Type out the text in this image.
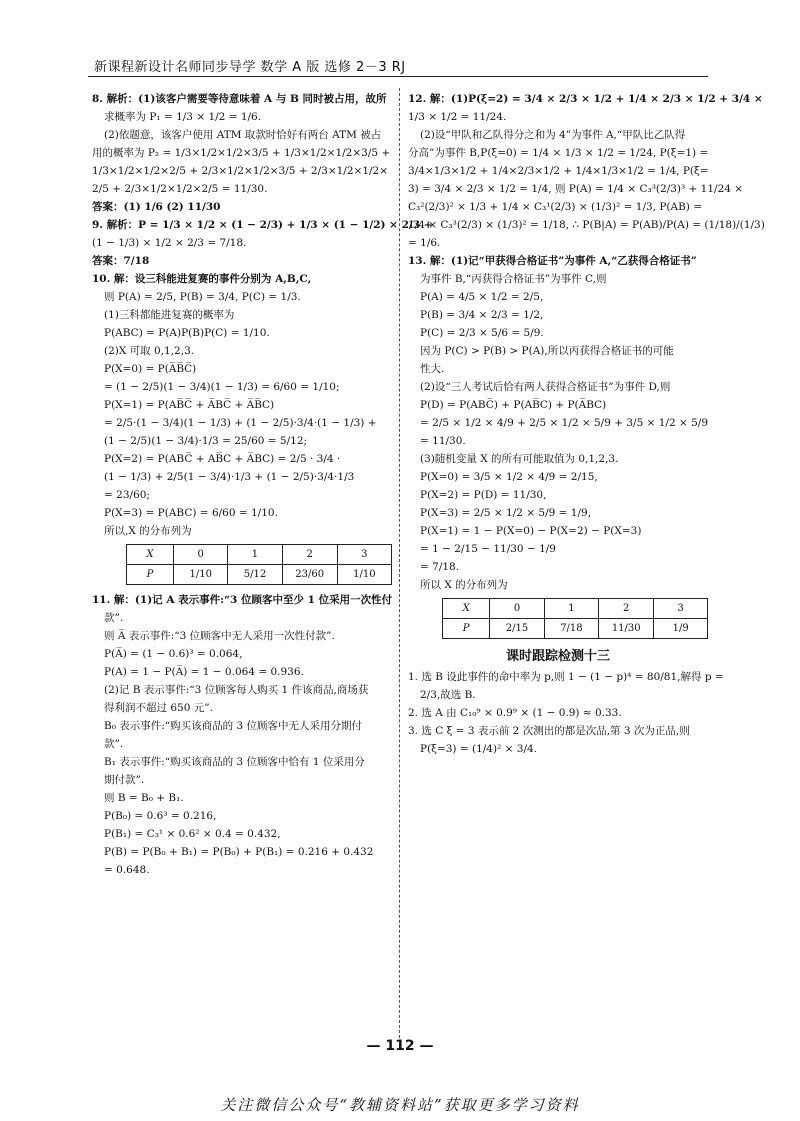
新课程新设计名师同步导学 数学 A 版 选修 2－3 RJ
8. 解析：(1)该客户需要等待意味着 A 与 B 同时被占用，故所
求概率为 P₁ = 1/3 × 1/2 = 1/6.
(2)依题意，该客户使用 ATM 取款时恰好有两台 ATM 被占
用的概率为 P₂ = 1/3×1/2×1/2×3/5 + 1/3×1/2×1/2×3/5 +
1/3×1/2×1/2×2/5 + 2/3×1/2×1/2×3/5 + 2/3×1/2×1/2×
2/5 + 2/3×1/2×1/2×2/5 = 11/30.
答案：(1) 1/6 (2) 11/30
9. 解析：P = 1/3 × 1/2 × (1 − 2/3) + 1/3 × (1 − 1/2) × 2/3 +
(1 − 1/3) × 1/2 × 2/3 = 7/18.
答案：7/18
10. 解：设三科能进复赛的事件分别为 A,B,C,
则 P(A) = 2/5, P(B) = 3/4, P(C) = 1/3.
(1)三科都能进复赛的概率为
P(ABC) = P(A)P(B)P(C) = 1/10.
(2)X 可取 0,1,2,3.
P(X=0) = P(A̅B̅C̅)
= (1 − 2/5)(1 − 3/4)(1 − 1/3) = 6/60 = 1/10;
P(X=1) = P(AB̅C̅ + A̅BC̅ + A̅B̅C)
= 2/5·(1 − 3/4)(1 − 1/3) + (1 − 2/5)·3/4·(1 − 1/3) +
(1 − 2/5)(1 − 3/4)·1/3 = 25/60 = 5/12;
P(X=2) = P(ABC̅ + AB̅C + A̅BC) = 2/5 · 3/4 ·
(1 − 1/3) + 2/5(1 − 3/4)·1/3 + (1 − 2/5)·3/4·1/3
= 23/60;
P(X=3) = P(ABC) = 6/60 = 1/10.
所以,X 的分布列为
X	0	1	2	3
P	1/10	5/12	23/60	1/10
11. 解：(1)记 A 表示事件:“3 位顾客中至少 1 位采用一次性付
款”.
则 A̅ 表示事件:“3 位顾客中无人采用一次性付款”.
P(A̅) = (1 − 0.6)³ = 0.064,
P(A) = 1 − P(A̅) = 1 − 0.064 = 0.936.
(2)记 B 表示事件:“3 位顾客每人购买 1 件该商品,商场获
得利润不超过 650 元”.
B₀ 表示事件:“购买该商品的 3 位顾客中无人采用分期付
款”.
B₁ 表示事件:“购买该商品的 3 位顾客中恰有 1 位采用分
期付款”.
则 B = B₀ + B₁.
P(B₀) = 0.6³ = 0.216,
P(B₁) = C₃¹ × 0.6² × 0.4 = 0.432,
P(B) = P(B₀ + B₁) = P(B₀) + P(B₁) = 0.216 + 0.432
= 0.648.
12. 解：(1)P(ξ=2) = 3/4 × 2/3 × 1/2 + 1/4 × 2/3 × 1/2 + 3/4 ×
1/3 × 1/2 = 11/24.
(2)设“甲队和乙队得分之和为 4”为事件 A,“甲队比乙队得
分高”为事件 B,P(ξ=0) = 1/4 × 1/3 × 1/2 = 1/24, P(ξ=1) =
3/4×1/3×1/2 + 1/4×2/3×1/2 + 1/4×1/3×1/2 = 1/4, P(ξ=
3) = 3/4 × 2/3 × 1/2 = 1/4, 则 P(A) = 1/4 × C₃³(2/3)³ + 11/24 ×
C₃²(2/3)² × 1/3 + 1/4 × C₃¹(2/3) × (1/3)² = 1/3, P(AB) =
1/4 × C₃³(2/3) × (1/3)² = 1/18, ∴ P(B|A) = P(AB)/P(A) = (1/18)/(1/3)
= 1/6.
13. 解：(1)记“甲获得合格证书”为事件 A,“乙获得合格证书”
为事件 B,“丙获得合格证书”为事件 C,则
P(A) = 4/5 × 1/2 = 2/5,
P(B) = 3/4 × 2/3 = 1/2,
P(C) = 2/3 × 5/6 = 5/9.
因为 P(C) > P(B) > P(A),所以丙获得合格证书的可能
性大.
(2)设“三人考试后恰有两人获得合格证书”为事件 D,则
P(D) = P(ABC̅) + P(AB̅C) + P(A̅BC)
= 2/5 × 1/2 × 4/9 + 2/5 × 1/2 × 5/9 + 3/5 × 1/2 × 5/9
= 11/30.
(3)随机变量 X 的所有可能取值为 0,1,2,3.
P(X=0) = 3/5 × 1/2 × 4/9 = 2/15,
P(X=2) = P(D) = 11/30,
P(X=3) = 2/5 × 1/2 × 5/9 = 1/9,
P(X=1) = 1 − P(X=0) − P(X=2) − P(X=3)
= 1 − 2/15 − 11/30 − 1/9
= 7/18.
所以 X 的分布列为
X	0	1	2	3
P	2/15	7/18	11/30	1/9
课时跟踪检测十三
1. 选 B 设此事件的命中率为 p,则 1 − (1 − p)⁴ = 80/81,解得 p =
2/3,故选 B.
2. 选 A 由 C₁₀⁹ × 0.9⁹ × (1 − 0.9) ≈ 0.33.
3. 选 C ξ = 3 表示前 2 次测出的都是次品,第 3 次为正品,则
P(ξ=3) = (1/4)² × 3/4.
— 112 —
关注微信公众号“教辅资料站”获取更多学习资料
